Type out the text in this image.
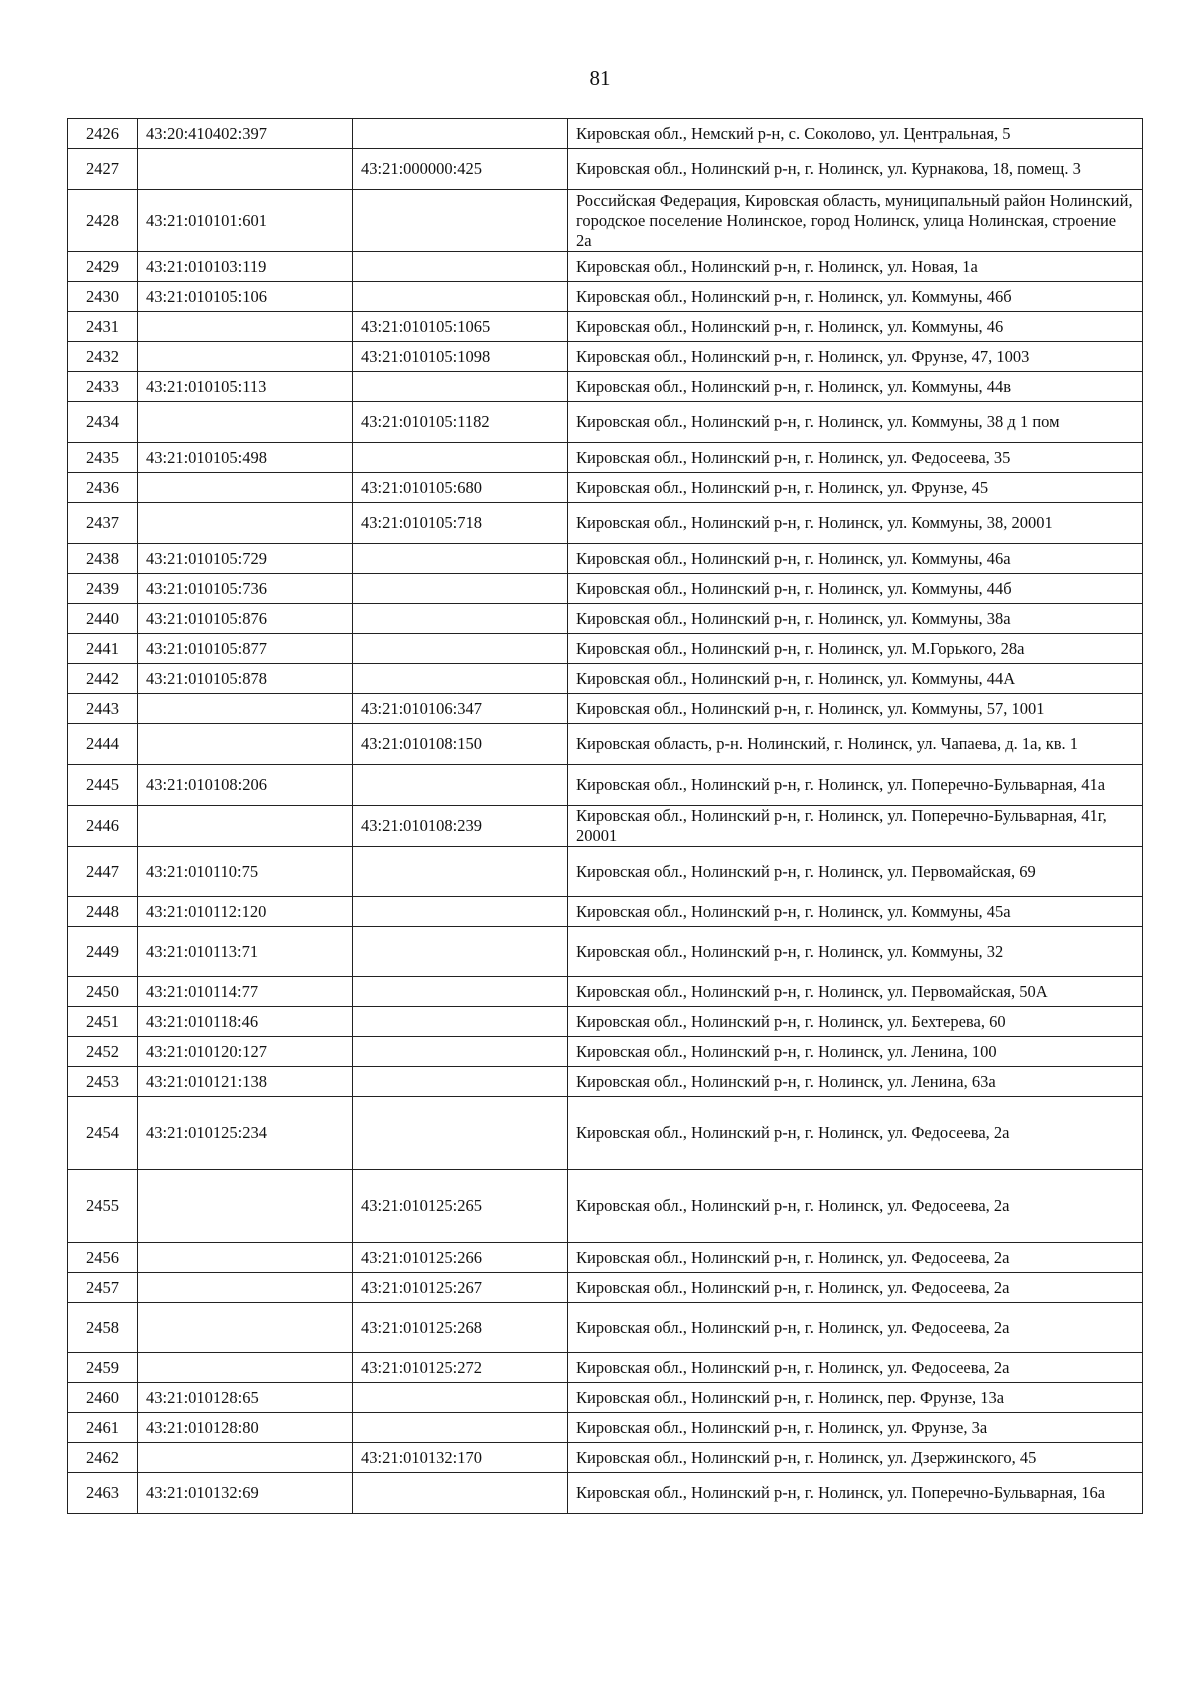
81
2426	43:20:410402:397		Кировская обл., Немский р-н, с. Соколово, ул. Центральная, 5
2427		43:21:000000:425	Кировская обл., Нолинский р-н, г. Нолинск, ул. Курнакова, 18, помещ. 3
2428	43:21:010101:601		Российская Федерация, Кировская область, муниципальный район Нолинский, городское поселение Нолинское, город Нолинск, улица Нолинская, строение 2а
2429	43:21:010103:119		Кировская обл., Нолинский р-н, г. Нолинск, ул. Новая, 1а
2430	43:21:010105:106		Кировская обл., Нолинский р-н, г. Нолинск, ул. Коммуны, 46б
2431		43:21:010105:1065	Кировская обл., Нолинский р-н, г. Нолинск, ул. Коммуны, 46
2432		43:21:010105:1098	Кировская обл., Нолинский р-н, г. Нолинск, ул. Фрунзе, 47, 1003
2433	43:21:010105:113		Кировская обл., Нолинский р-н, г. Нолинск, ул. Коммуны, 44в
2434		43:21:010105:1182	Кировская обл., Нолинский р-н, г. Нолинск, ул. Коммуны, 38 д 1 пом
2435	43:21:010105:498		Кировская обл., Нолинский р-н, г. Нолинск, ул. Федосеева, 35
2436		43:21:010105:680	Кировская обл., Нолинский р-н, г. Нолинск, ул. Фрунзе, 45
2437		43:21:010105:718	Кировская обл., Нолинский р-н, г. Нолинск, ул. Коммуны, 38, 20001
2438	43:21:010105:729		Кировская обл., Нолинский р-н, г. Нолинск, ул. Коммуны, 46а
2439	43:21:010105:736		Кировская обл., Нолинский р-н, г. Нолинск, ул. Коммуны, 44б
2440	43:21:010105:876		Кировская обл., Нолинский р-н, г. Нолинск, ул. Коммуны, 38а
2441	43:21:010105:877		Кировская обл., Нолинский р-н, г. Нолинск, ул. М.Горького, 28а
2442	43:21:010105:878		Кировская обл., Нолинский р-н, г. Нолинск, ул. Коммуны, 44А
2443		43:21:010106:347	Кировская обл., Нолинский р-н, г. Нолинск, ул. Коммуны, 57, 1001
2444		43:21:010108:150	Кировская область, р-н. Нолинский, г. Нолинск, ул. Чапаева, д. 1а, кв. 1
2445	43:21:010108:206		Кировская обл., Нолинский р-н, г. Нолинск, ул. Поперечно-Бульварная, 41а
2446		43:21:010108:239	Кировская обл., Нолинский р-н, г. Нолинск, ул. Поперечно-Бульварная, 41г, 20001
2447	43:21:010110:75		Кировская обл., Нолинский р-н, г. Нолинск, ул. Первомайская, 69
2448	43:21:010112:120		Кировская обл., Нолинский р-н, г. Нолинск, ул. Коммуны, 45а
2449	43:21:010113:71		Кировская обл., Нолинский р-н, г. Нолинск, ул. Коммуны, 32
2450	43:21:010114:77		Кировская обл., Нолинский р-н, г. Нолинск, ул. Первомайская, 50А
2451	43:21:010118:46		Кировская обл., Нолинский р-н, г. Нолинск, ул. Бехтерева, 60
2452	43:21:010120:127		Кировская обл., Нолинский р-н, г. Нолинск, ул. Ленина, 100
2453	43:21:010121:138		Кировская обл., Нолинский р-н, г. Нолинск, ул. Ленина, 63а
2454	43:21:010125:234		Кировская обл., Нолинский р-н, г. Нолинск, ул. Федосеева, 2а
2455		43:21:010125:265	Кировская обл., Нолинский р-н, г. Нолинск, ул. Федосеева, 2а
2456		43:21:010125:266	Кировская обл., Нолинский р-н, г. Нолинск, ул. Федосеева, 2а
2457		43:21:010125:267	Кировская обл., Нолинский р-н, г. Нолинск, ул. Федосеева, 2а
2458		43:21:010125:268	Кировская обл., Нолинский р-н, г. Нолинск, ул. Федосеева, 2а
2459		43:21:010125:272	Кировская обл., Нолинский р-н, г. Нолинск, ул. Федосеева, 2а
2460	43:21:010128:65		Кировская обл., Нолинский р-н, г. Нолинск, пер. Фрунзе, 13а
2461	43:21:010128:80		Кировская обл., Нолинский р-н, г. Нолинск, ул. Фрунзе, 3а
2462		43:21:010132:170	Кировская обл., Нолинский р-н, г. Нолинск, ул. Дзержинского, 45
2463	43:21:010132:69		Кировская обл., Нолинский р-н, г. Нолинск, ул. Поперечно-Бульварная, 16а
